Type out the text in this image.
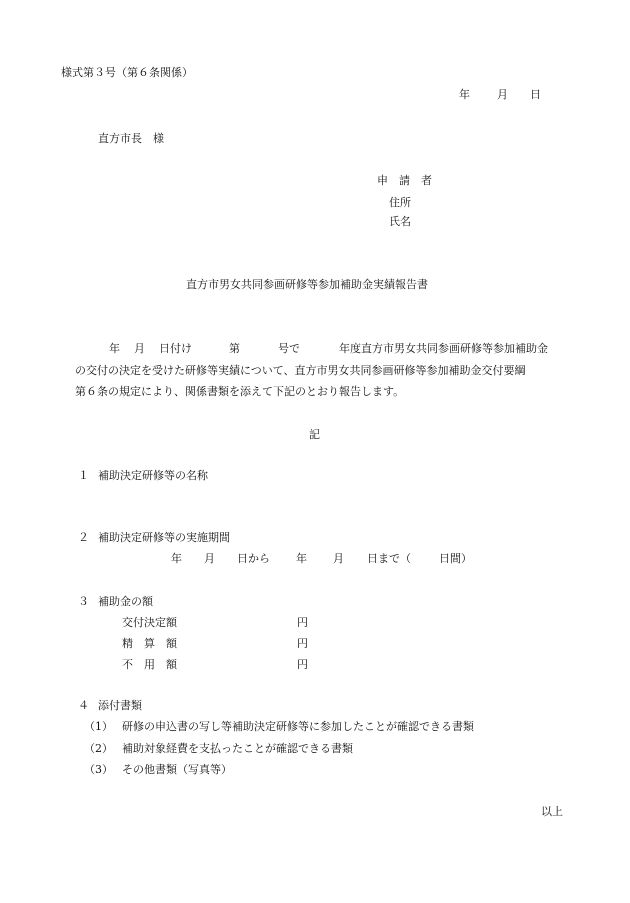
様式第３号（第６条関係）
年 月 日
直方市長　様
申　請　者
住所
氏名
直方市男女共同参画研修等参加補助金実績報告書
年 月 日付け	第	号で	年度直方市男女共同参画研修等参加補助金
の交付の決定を受けた研修等実績について、直方市男女共同参画研修等参加補助金交付要綱
第６条の規定により、関係書類を添えて下記のとおり報告します。
記
１ 補助決定研修等の名称
２ 補助決定研修等の実施期間
年 月 日から 年 月 日まで（	日間）
３ 補助金の額
交付決定額	円
精　算　額	円
不　用　額	円
４ 添付書類
（1） 研修の申込書の写し等補助決定研修等に参加したことが確認できる書類
（2） 補助対象経費を支払ったことが確認できる書類
（3） その他書類（写真等）
以上
